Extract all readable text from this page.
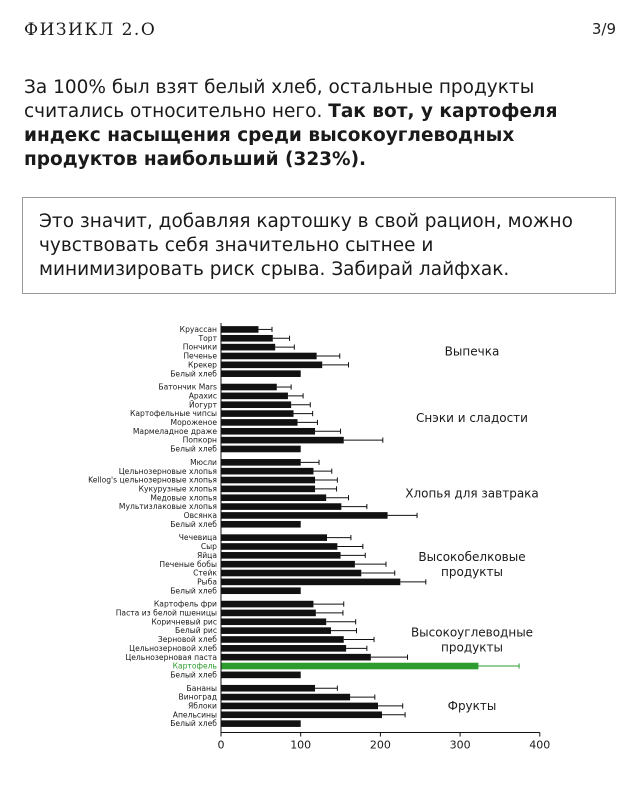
ФИЗИКЛ 2.О	3/9

За 100% был взят белый хлеб, остальные продукты считались относительно него. Так вот, у картофеля индекс насыщения среди высокоуглеводных продуктов наибольший (323%).

Это значит, добавляя картошку в свой рацион, можно чувствовать себя значительно сытнее и минимизировать риск срыва. Забирай лайфхак.
Круассан
Торт
Пончики
Печенье
Крекер
Белый хлеб
Выпечка
Батончик Mars
Арахис
Йогурт
Картофельные чипсы
Мороженое
Мармеладное драже
Попкорн
Белый хлеб
Снэки и сладости
Мюсли
Цельнозерновые хлопья
Kellog's цельнозерновые хлопья
Кукурузные хлопья
Медовые хлопья
Мультизлаковые хлопья
Овсянка
Белый хлеб
Хлопья для завтрака
Чечевица
Сыр
Яйца
Печеные бобы
Стейк
Рыба
Белый хлеб
Высокобелковые
продукты
Картофель фри
Паста из белой пшеницы
Коричневый рис
Белый рис
Зерновой хлеб
Цельнозерновой хлеб
Цельнозерновая паста
Картофель
Белый хлеб
Высокоуглеводные
продукты
Бананы
Виноград
Яблоки
Апельсины
Белый хлеб
Фрукты
0	100	200	300	400
